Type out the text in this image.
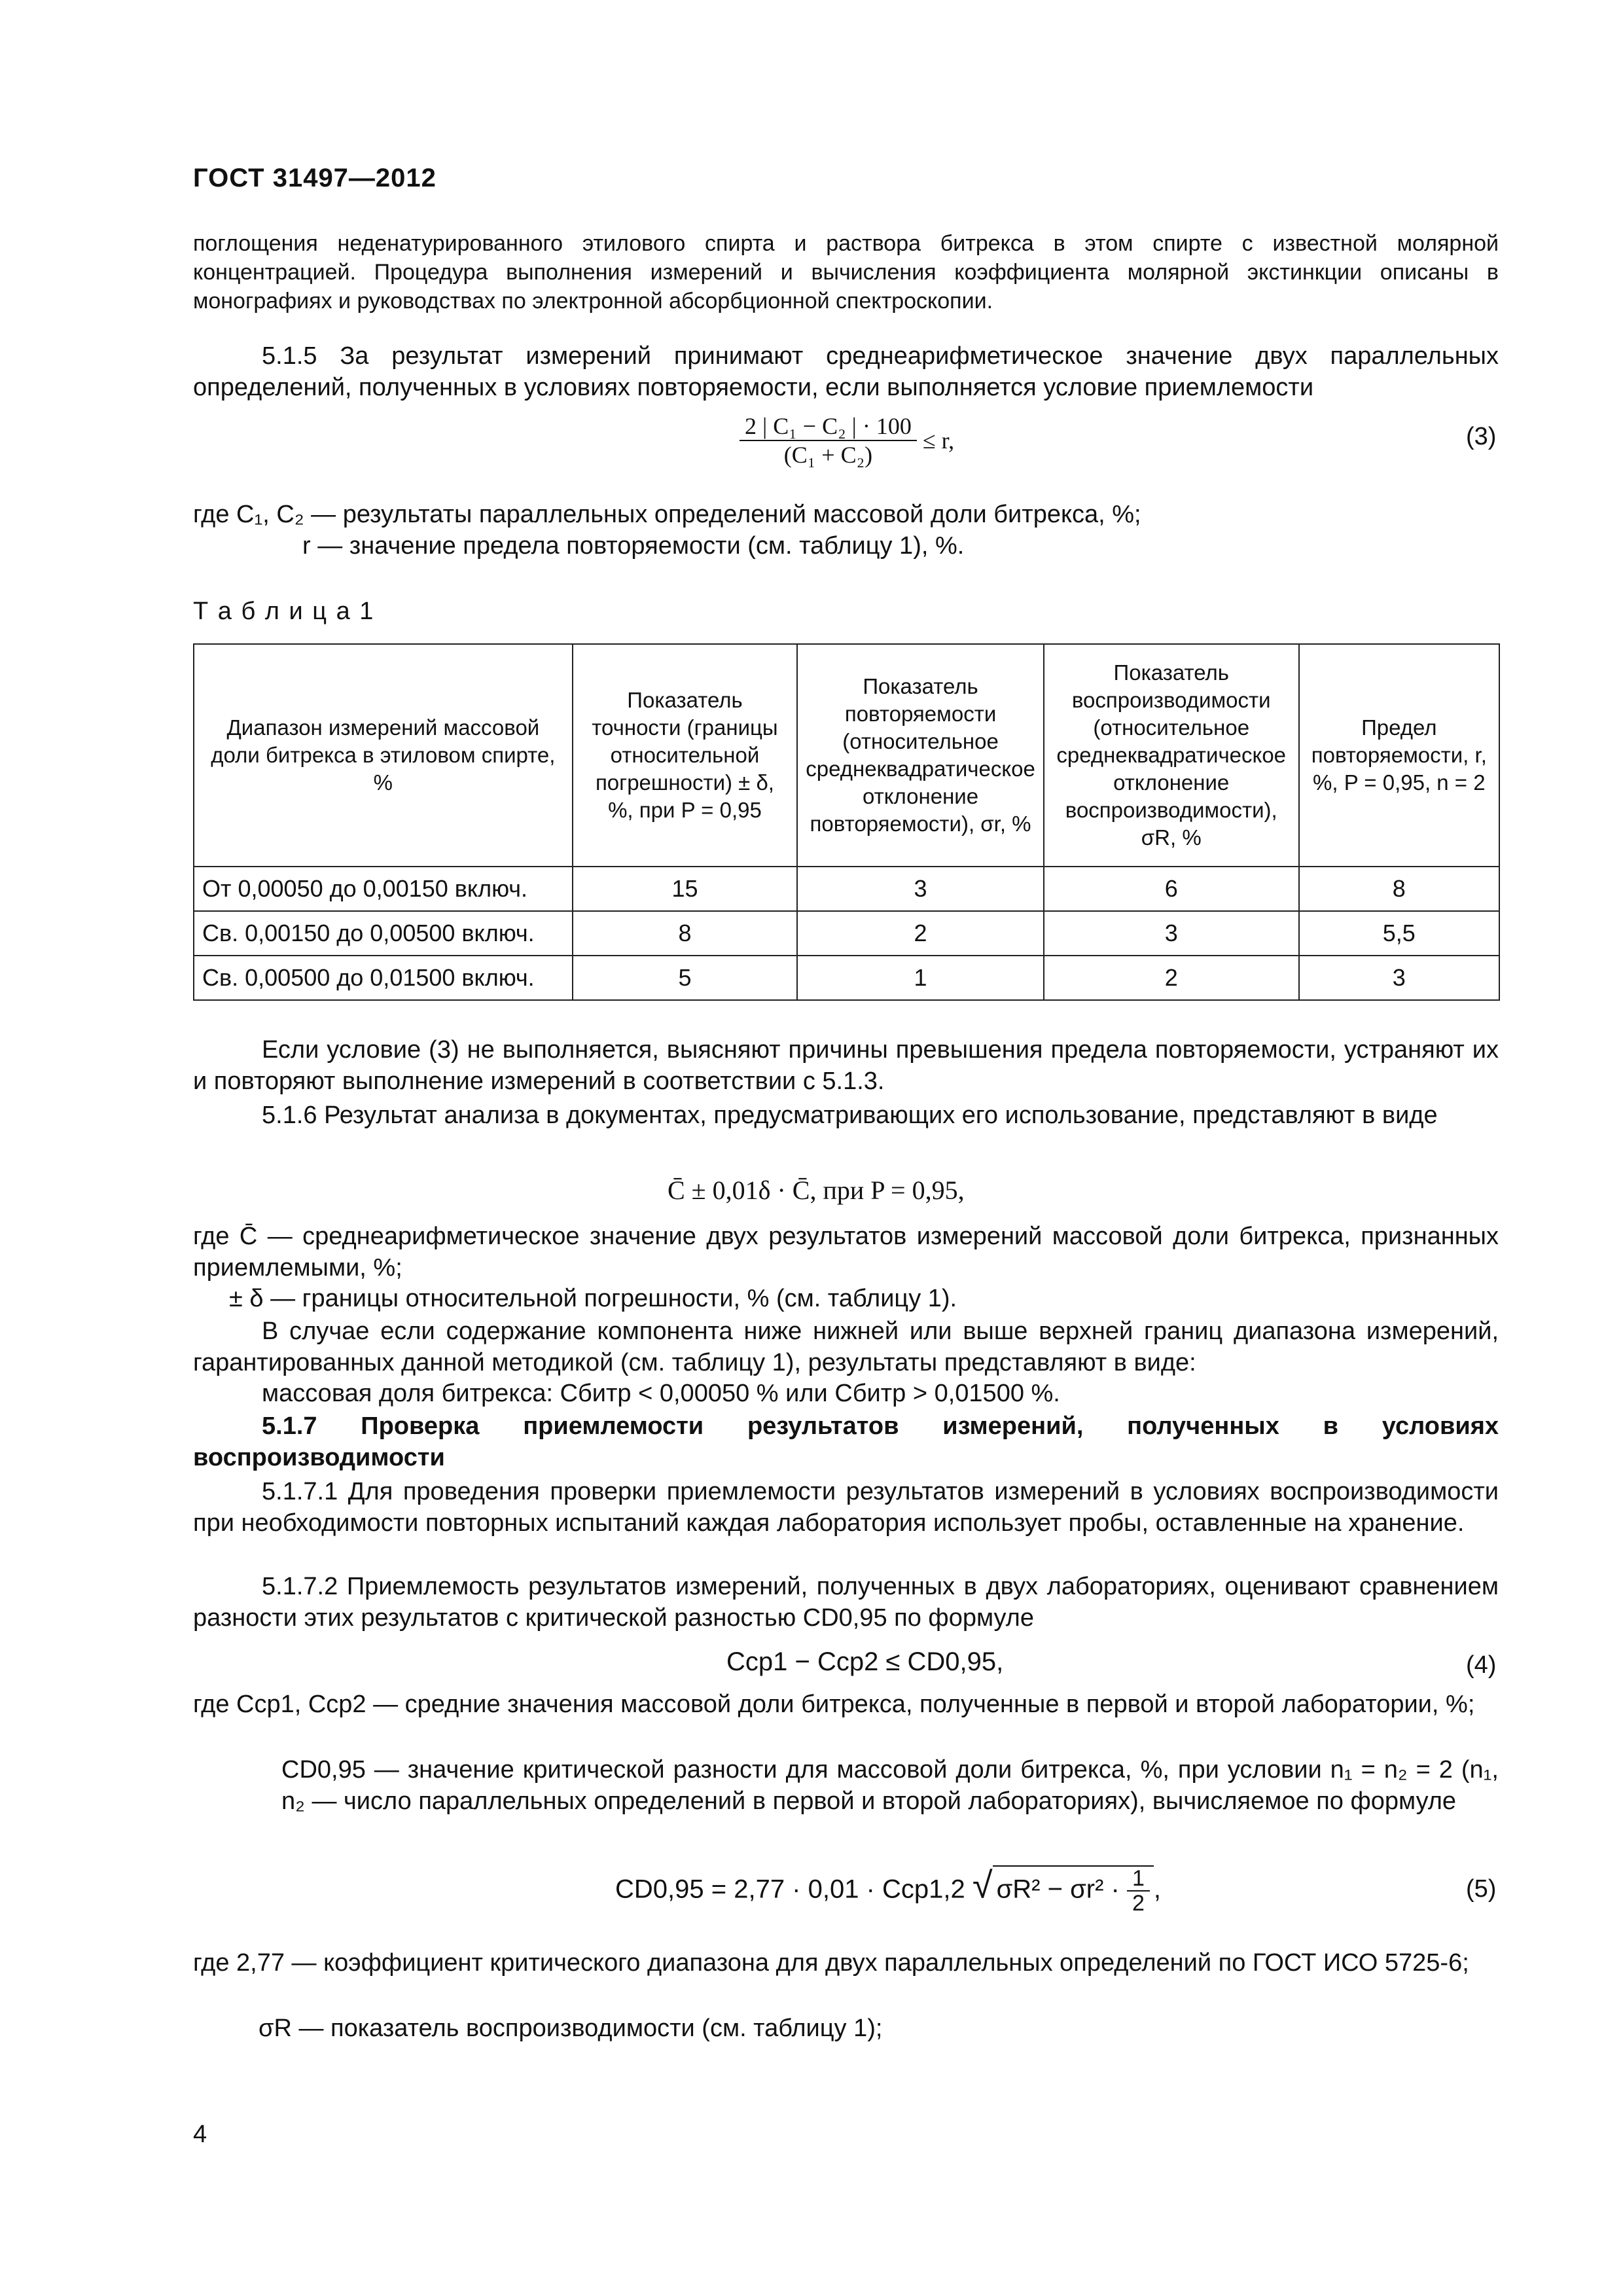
ГОСТ 31497—2012
поглощения неденатурированного этилового спирта и раствора битрекса в этом спирте с известной молярной концентрацией. Процедура выполнения измерений и вычисления коэффициента молярной экстинкции описаны в монографиях и руководствах по электронной абсорбционной спектроскопии.
5.1.5 За результат измерений принимают среднеарифметическое значение двух параллельных определений, полученных в условиях повторяемости, если выполняется условие приемлемости
$\frac{\text{2 | C₁ − C₂ | · 100}}{\text{(C₁ + C₂)}} \le r$,	(3)
где C₁, C₂ — результаты параллельных определений массовой доли битрекса, %;
r — значение предела повторяемости (см. таблицу 1), %.
Т а б л и ц а 1
Диапазон измерений массовой доли битрекса в этиловом спирте, %	Показатель точности (границы относительной погрешности) ± δ, %, при P = 0,95	Показатель повторяемости (относительное среднеквадратическое отклонение повторяемости), σr, %	Показатель воспроизводимости (относительное среднеквадратическое отклонение воспроизводимости), σR, %	Предел повторяемости, r, %, P = 0,95, n = 2
От 0,00050 до 0,00150 включ.	15	3	6	8
Св. 0,00150 до 0,00500 включ.	8	2	3	5,5
Св. 0,00500 до 0,01500 включ.	5	1	2	3
Если условие (3) не выполняется, выясняют причины превышения предела повторяемости, устраняют их и повторяют выполнение измерений в соответствии с 5.1.3.
5.1.6 Результат анализа в документах, предусматривающих его использование, представляют в виде
C̄ ± 0,01δ · C̄, при P = 0,95,
где C̄ — среднеарифметическое значение двух результатов измерений массовой доли битрекса, признанных приемлемыми, %;
± δ — границы относительной погрешности, % (см. таблицу 1).
В случае если содержание компонента ниже нижней или выше верхней границ диапазона измерений, гарантированных данной методикой (см. таблицу 1), результаты представляют в виде:
массовая доля битрекса: Cбитр < 0,00050 % или Cбитр > 0,01500 %.
5.1.7 Проверка приемлемости результатов измерений, полученных в условиях воспроизводимости
5.1.7.1 Для проведения проверки приемлемости результатов измерений в условиях воспроизводимости при необходимости повторных испытаний каждая лаборатория использует пробы, оставленные на хранение.
5.1.7.2 Приемлемость результатов измерений, полученных в двух лабораториях, оценивают сравнением разности этих результатов с критической разностью CD0,95 по формуле
Cср1 − Cср2 ≤ CD0,95,	(4)
где Cср1, Cср2 — средние значения массовой доли битрекса, полученные в первой и второй лаборатории, %;
CD0,95 — значение критической разности для массовой доли битрекса, %, при условии n₁ = n₂ = 2 (n₁, n₂ — число параллельных определений в первой и второй лабораториях), вычисляемое по формуле
CD0,95 = 2,77 · 0,01 · Cср1,2 √ $\sigma R^2 - \sigma r^2 \cdot \frac{1}{2}$ ,	(5)
где 2,77 — коэффициент критического диапазона для двух параллельных определений по ГОСТ ИСО 5725-6;
σR — показатель воспроизводимости (см. таблицу 1);
4
